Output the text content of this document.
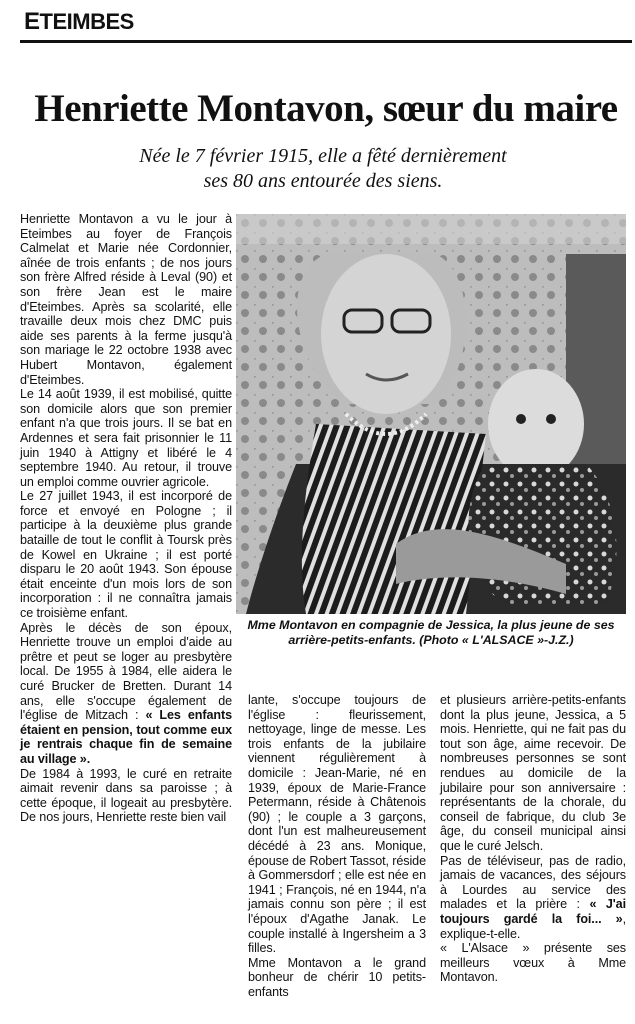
ETEIMBES
Henriette Montavon, sœur du maire

Née le 7 février 1915, elle a fêté dernièrement ses 80 ans entourée des siens.

Henriette Montavon a vu le jour à Eteimbes au foyer de François Calmelat et Marie née Cordonnier, aînée de trois enfants ; de nos jours son frère Alfred réside à Leval (90) et son frère Jean est le maire d'Eteimbes. Après sa scolarité, elle travaille deux mois chez DMC puis aide ses parents à la ferme jusqu'à son mariage le 22 octobre 1938 avec Hubert Montavon, également d'Eteimbes.

Le 14 août 1939, il est mobilisé, quitte son domicile alors que son premier enfant n'a que trois jours. Il se bat en Ardennes et sera fait prisonnier le 11 juin 1940 à Attigny et libéré le 4 septembre 1940. Au retour, il trouve un emploi comme ouvrier agricole.

Le 27 juillet 1943, il est incorporé de force et envoyé en Pologne ; il participe à la deuxième plus grande bataille de tout le conflit à Toursk près de Kowel en Ukraine ; il est porté disparu le 20 août 1943. Son épouse était enceinte d'un mois lors de son incorporation : il ne connaîtra jamais ce troisième enfant.

Après le décès de son époux, Henriette trouve un emploi d'aide au prêtre et peut se loger au presbytère local. De 1955 à 1984, elle aidera le curé Brucker de Bretten. Durant 14 ans, elle s'occupe également de l'église de Mitzach : « Les enfants étaient en pension, tout comme eux je rentrais chaque fin de semaine au village ».

De 1984 à 1993, le curé en retraite aimait revenir dans sa paroisse ; à cette époque, il logeait au presbytère. De nos jours, Henriette reste bien vail

Mme Montavon en compagnie de Jessica, la plus jeune de ses arrière-petits-enfants. (Photo « L'ALSACE »-J.Z.)

lante, s'occupe toujours de l'église : fleurissement, nettoyage, linge de messe. Les trois enfants de la jubilaire viennent régulièrement à domicile : Jean-Marie, né en 1939, époux de Marie-France Petermann, réside à Châtenois (90) ; le couple a 3 garçons, dont l'un est malheureusement décédé à 23 ans. Monique, épouse de Robert Tassot, réside à Gommersdorf ; elle est née en 1941 ; François, né en 1944, n'a jamais connu son père ; il est l'époux d'Agathe Janak. Le couple installé à Ingersheim a 3 filles.

Mme Montavon a le grand bonheur de chérir 10 petits-enfants

et plusieurs arrière-petits-enfants dont la plus jeune, Jessica, a 5 mois. Henriette, qui ne fait pas du tout son âge, aime recevoir. De nombreuses personnes se sont rendues au domicile de la jubilaire pour son anniversaire : représentants de la chorale, du conseil de fabrique, du club 3e âge, du conseil municipal ainsi que le curé Jelsch.

Pas de téléviseur, pas de radio, jamais de vacances, des séjours à Lourdes au service des malades et la prière : « J'ai toujours gardé la foi... », explique-t-elle.

« L'Alsace » présente ses meilleurs vœux à Mme Montavon.
